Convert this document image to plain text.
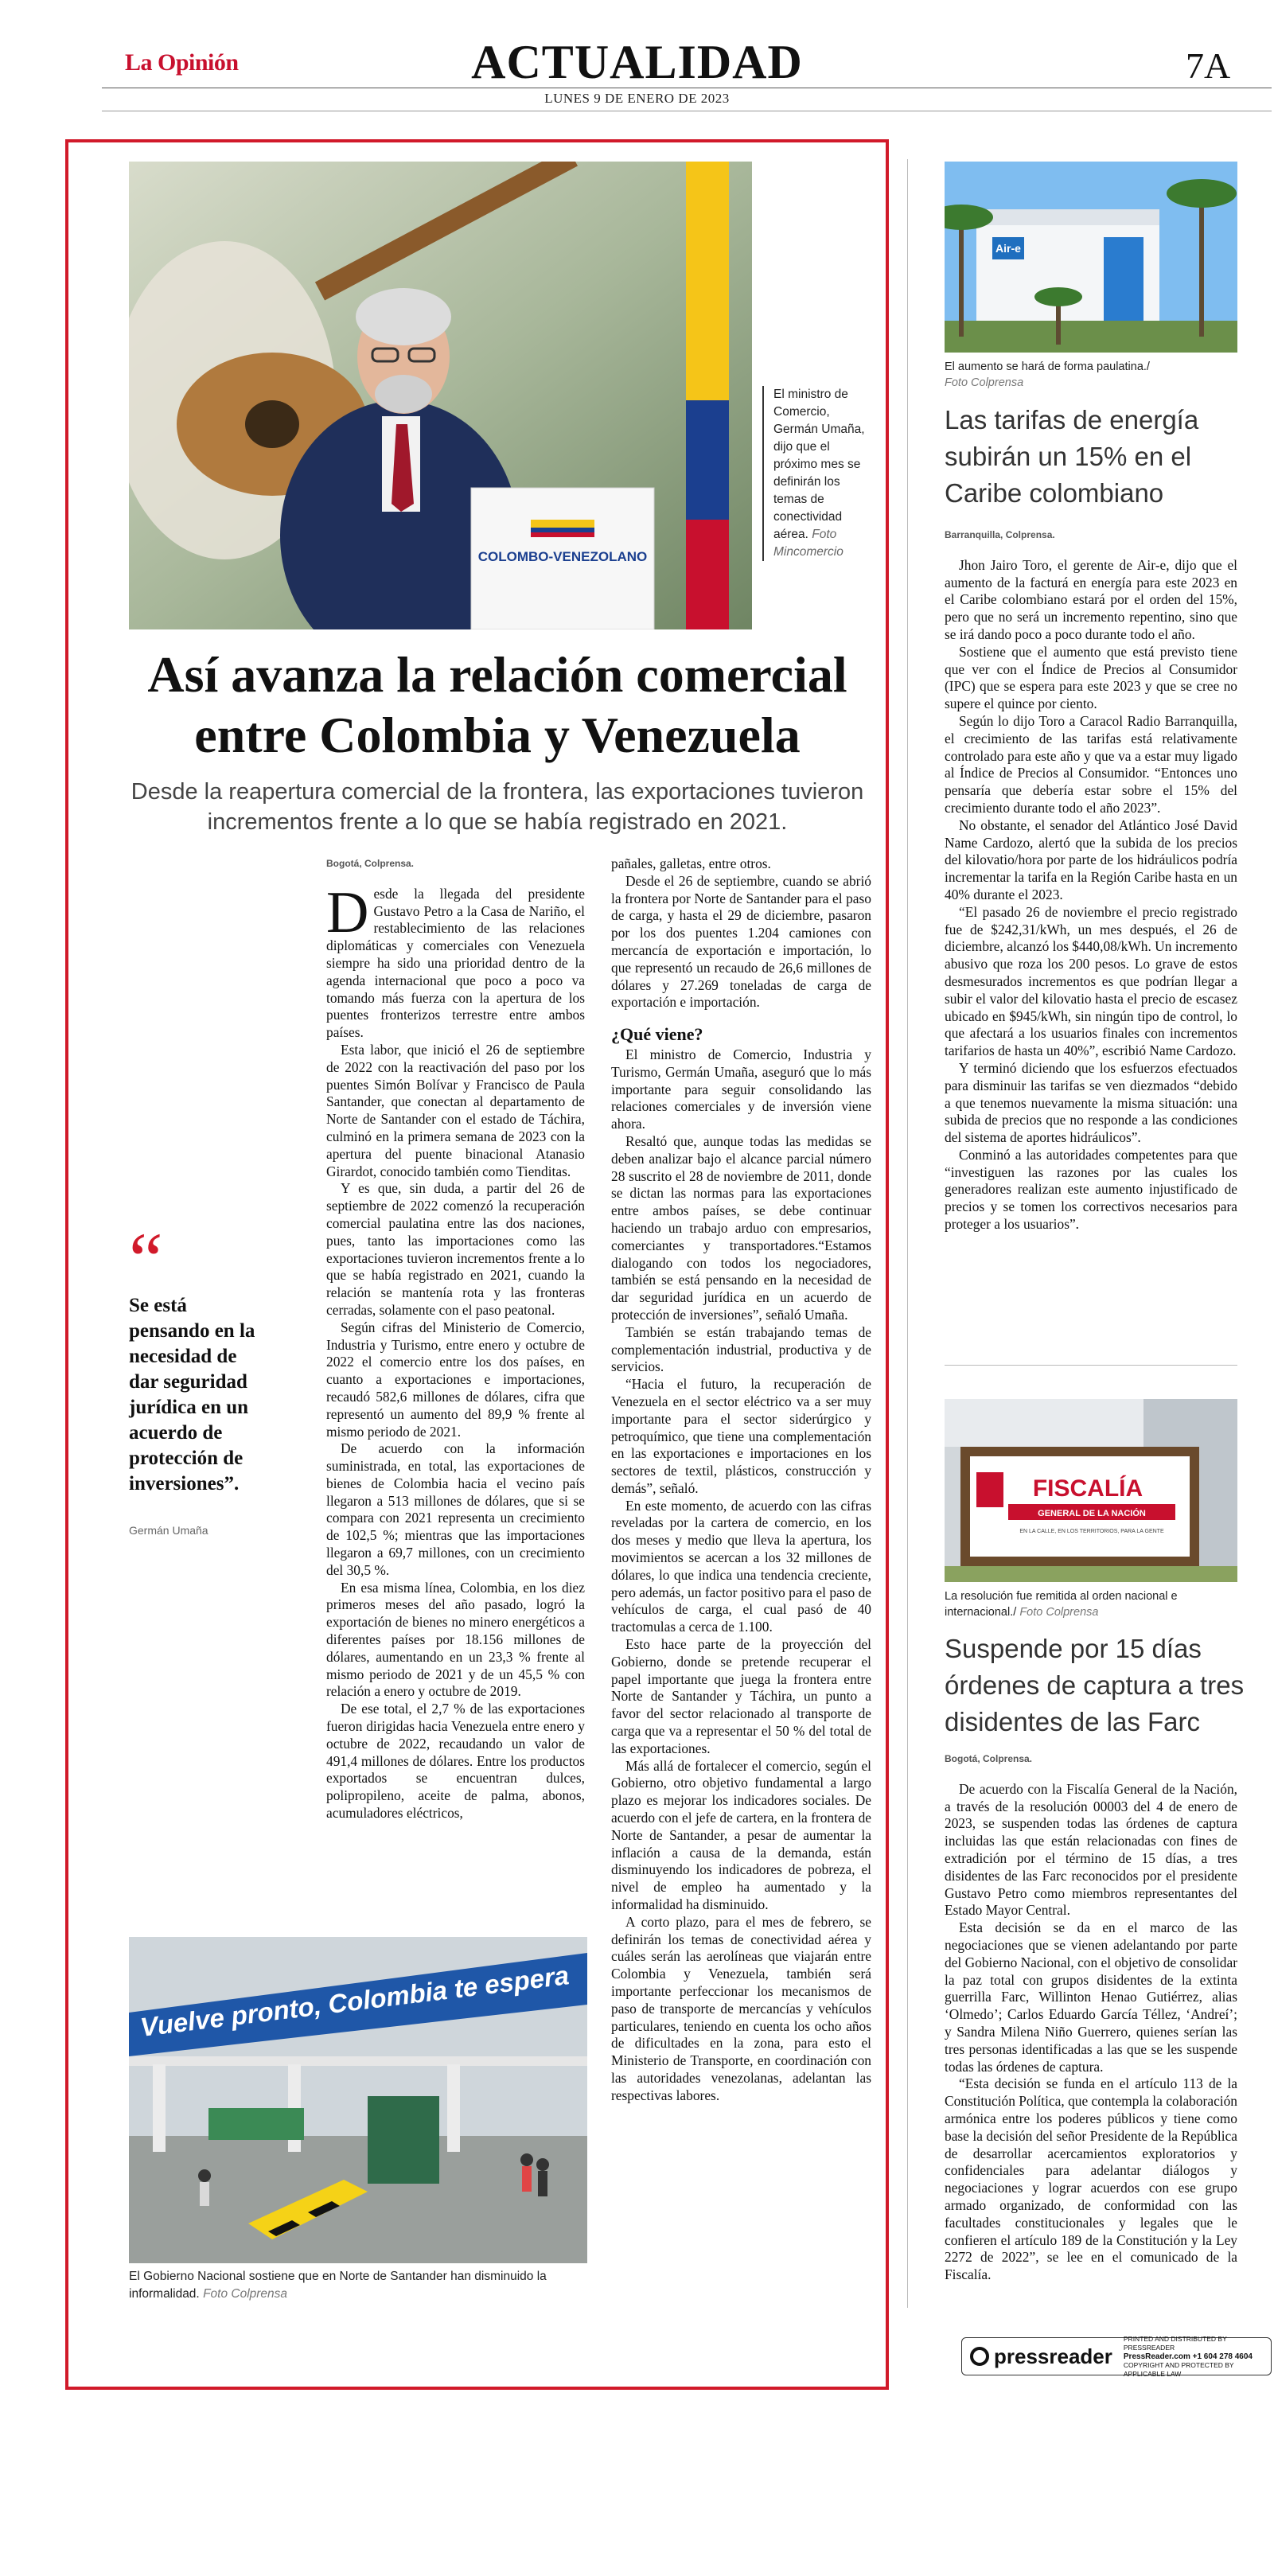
La Opinión	ACTUALIDAD
LUNES 9 DE ENERO DE 2023
7A
COLOMBO-VENEZOLANO
El ministro de Comercio, Germán Umaña, dijo que el próximo mes se definirán los temas de conectividad aérea. Foto Mincomercio
Así avanza la relación comercial entre Colombia y Venezuela
Desde la reapertura comercial de la frontera, las exportaciones tuvieron incrementos frente a lo que se había registrado en 2021.
“
Se está pensando en la necesidad de dar seguridad jurídica en un acuerdo de protección de inversiones”.
Germán Umaña
Bogotá, Colprensa.

Desde la llegada del presidente Gustavo Petro a la Casa de Nariño, el restablecimiento de las relaciones diplomáticas y comerciales con Venezuela siempre ha sido una prioridad dentro de la agenda internacional que poco a poco va tomando más fuerza con la apertura de los puentes fronterizos terrestre entre ambos países.

Esta labor, que inició el 26 de septiembre de 2022 con la reactivación del paso por los puentes Simón Bolívar y Francisco de Paula Santander, que conectan al departamento de Norte de Santander con el estado de Táchira, culminó en la primera semana de 2023 con la apertura del puente binacional Atanasio Girardot, conocido también como Tienditas.

Y es que, sin duda, a partir del 26 de septiembre de 2022 comenzó la recuperación comercial paulatina entre las dos naciones, pues, tanto las importaciones como las exportaciones tuvieron incrementos frente a lo que se había registrado en 2021, cuando la relación se mantenía rota y las fronteras cerradas, solamente con el paso peatonal.

Según cifras del Ministerio de Comercio, Industria y Turismo, entre enero y octubre de 2022 el comercio entre los dos países, en cuanto a exportaciones e importaciones, recaudó 582,6 millones de dólares, cifra que representó un aumento del 89,9 % frente al mismo periodo de 2021.

De acuerdo con la información suministrada, en total, las exportaciones de bienes de Colombia hacia el vecino país llegaron a 513 millones de dólares, que si se compara con 2021 representa un crecimiento de 102,5 %; mientras que las importaciones llegaron a 69,7 millones, con un crecimiento del 30,5 %.

En esa misma línea, Colombia, en los diez primeros meses del año pasado, logró la exportación de bienes no minero energéticos a diferentes países por 18.156 millones de dólares, aumentando en un 23,3 % frente al mismo periodo de 2021 y de un 45,5 % con relación a enero y octubre de 2019.

De ese total, el 2,7 % de las exportaciones fueron dirigidas hacia Venezuela entre enero y octubre de 2022, recaudando un valor de 491,4 millones de dólares. Entre los productos exportados se encuentran dulces, polipropileno, aceite de palma, abonos, acumuladores eléctricos,

pañales, galletas, entre otros.

Desde el 26 de septiembre, cuando se abrió la frontera por Norte de Santander para el paso de carga, y hasta el 29 de diciembre, pasaron por los dos puentes 1.204 camiones con mercancía de exportación e importación, lo que representó un recaudo de 26,6 millones de dólares y 27.269 toneladas de carga de exportación e importación.

¿Qué viene?

El ministro de Comercio, Industria y Turismo, Germán Umaña, aseguró que lo más importante para seguir consolidando las relaciones comerciales y de inversión viene ahora.

Resaltó que, aunque todas las medidas se deben analizar bajo el alcance parcial número 28 suscrito el 28 de noviembre de 2011, donde se dictan las normas para las exportaciones entre ambos países, se debe continuar haciendo un trabajo arduo con empresarios, comerciantes y transportadores.“Estamos dialogando con todos los negociadores, también se está pensando en la necesidad de dar seguridad jurídica en un acuerdo de protección de inversiones”, señaló Umaña.

También se están trabajando temas de complementación industrial, productiva y de servicios.

“Hacia el futuro, la recuperación de Venezuela en el sector eléctrico va a ser muy importante para el sector siderúrgico y petroquímico, que tiene una complementación en las exportaciones e importaciones en los sectores de textil, plásticos, construcción y demás”, señaló.

En este momento, de acuerdo con las cifras reveladas por la cartera de comercio, en los dos meses y medio que lleva la apertura, los movimientos se acercan a los 32 millones de dólares, lo que indica una tendencia creciente, pero además, un factor positivo para el paso de vehículos de carga, el cual pasó de 40 tractomulas a cerca de 1.100.

Esto hace parte de la proyección del Gobierno, donde se pretende recuperar el papel importante que juega la frontera entre Norte de Santander y Táchira, un punto a favor del sector relacionado al transporte de carga que va a representar el 50 % del total de las exportaciones.

Más allá de fortalecer el comercio, según el Gobierno, otro objetivo fundamental a largo plazo es mejorar los indicadores sociales. De acuerdo con el jefe de cartera, en la frontera de Norte de Santander, a pesar de aumentar la inflación a causa de la demanda, están disminuyendo los indicadores de pobreza, el nivel de empleo ha aumentado y la informalidad ha disminuido.

A corto plazo, para el mes de febrero, se definirán los temas de conectividad aérea y cuáles serán las aerolíneas que viajarán entre Colombia y Venezuela, también será importante perfeccionar los mecanismos de paso de transporte de mercancías y vehículos particulares, teniendo en cuenta los ocho años de dificultades en la zona, para esto el Ministerio de Transporte, en coordinación con las autoridades venezolanas, adelantan las respectivas labores.

Vuelve pronto, Colombia te espera
El Gobierno Nacional sostiene que en Norte de Santander han disminuido la informalidad. Foto Colprensa
Air-e
El aumento se hará de forma paulatina./
Foto Colprensa
Las tarifas de energía subirán un 15% en el Caribe colombiano
Barranquilla, Colprensa.

Jhon Jairo Toro, el gerente de Air-e, dijo que el aumento de la facturá en energía para este 2023 en el Caribe colombiano estará por el orden del 15%, pero que no será un incremento repentino, sino que se irá dando poco a poco durante todo el año.

Sostiene que el aumento que está previsto tiene que ver con el Índice de Precios al Consumidor (IPC) que se espera para este 2023 y que se cree no supere el quince por ciento.

Según lo dijo Toro a Caracol Radio Barranquilla, el crecimiento de las tarifas está relativamente controlado para este año y que va a estar muy ligado al Índice de Precios al Consumidor. “Entonces uno pensaría que debería estar sobre el 15% del crecimiento durante todo el año 2023”.

No obstante, el senador del Atlántico José David Name Cardozo, alertó que la subida de los precios del kilovatio/hora por parte de los hidráulicos podría incrementar la tarifa en la Región Caribe hasta en un 40% durante el 2023.

“El pasado 26 de noviembre el precio registrado fue de $242,31/kWh, un mes después, el 26 de diciembre, alcanzó los $440,08/kWh. Un incremento abusivo que roza los 200 pesos. Lo grave de estos desmesurados incrementos es que podrían llegar a subir el valor del kilovatio hasta el precio de escasez ubicado en $945/kWh, sin ningún tipo de control, lo que afectará a los usuarios finales con incrementos tarifarios de hasta un 40%”, escribió Name Cardozo.

Y terminó diciendo que los esfuerzos efectuados para disminuir las tarifas se ven diezmados “debido a que tenemos nuevamente la misma situación: una subida de precios que no responde a las condiciones del sistema de aportes hidráulicos”.

Conminó a las autoridades competentes para que “investiguen las razones por las cuales los generadores realizan este aumento injustificado de precios y se tomen los correctivos necesarios para proteger a los usuarios”.

FISCALÍA
GENERAL DE LA NACIÓN
EN LA CALLE, EN LOS TERRITORIOS, PARA LA GENTE
La resolución fue remitida al orden nacional e internacional./ Foto Colprensa
Suspende por 15 días órdenes de captura a tres disidentes de las Farc
Bogotá, Colprensa.

De acuerdo con la Fiscalía General de la Nación, a través de la resolución 00003 del 4 de enero de 2023, se suspenden todas las órdenes de captura incluidas las que están relacionadas con fines de extradición por el término de 15 días, a tres disidentes de las Farc reconocidos por el presidente Gustavo Petro como miembros representantes del Estado Mayor Central.

Esta decisión se da en el marco de las negociaciones que se vienen adelantando por parte del Gobierno Nacional, con el objetivo de consolidar la paz total con grupos disidentes de la extinta guerrilla Farc, Willinton Henao Gutiérrez, alias ‘Olmedo’; Carlos Eduardo García Téllez, ‘Andreí’; y Sandra Milena Niño Guerrero, quienes serían las tres personas identificadas a las que se les suspende todas las órdenes de captura.

“Esta decisión se funda en el artículo 113 de la Constitución Política, que contempla la colaboración armónica entre los poderes públicos y tiene como base la decisión del señor Presidente de la República de desarrollar acercamientos exploratorios y confidenciales para adelantar diálogos y negociaciones y lograr acuerdos con ese grupo armado organizado, de conformidad con las facultades constitucionales y legales que le confieren el artículo 189 de la Constitución y la Ley 2272 de 2022”, se lee en el comunicado de la Fiscalía.

pressreader
PRINTED AND DISTRIBUTED BY PRESSREADER
PressReader.com +1 604 278 4604
COPYRIGHT AND PROTECTED BY APPLICABLE LAW
